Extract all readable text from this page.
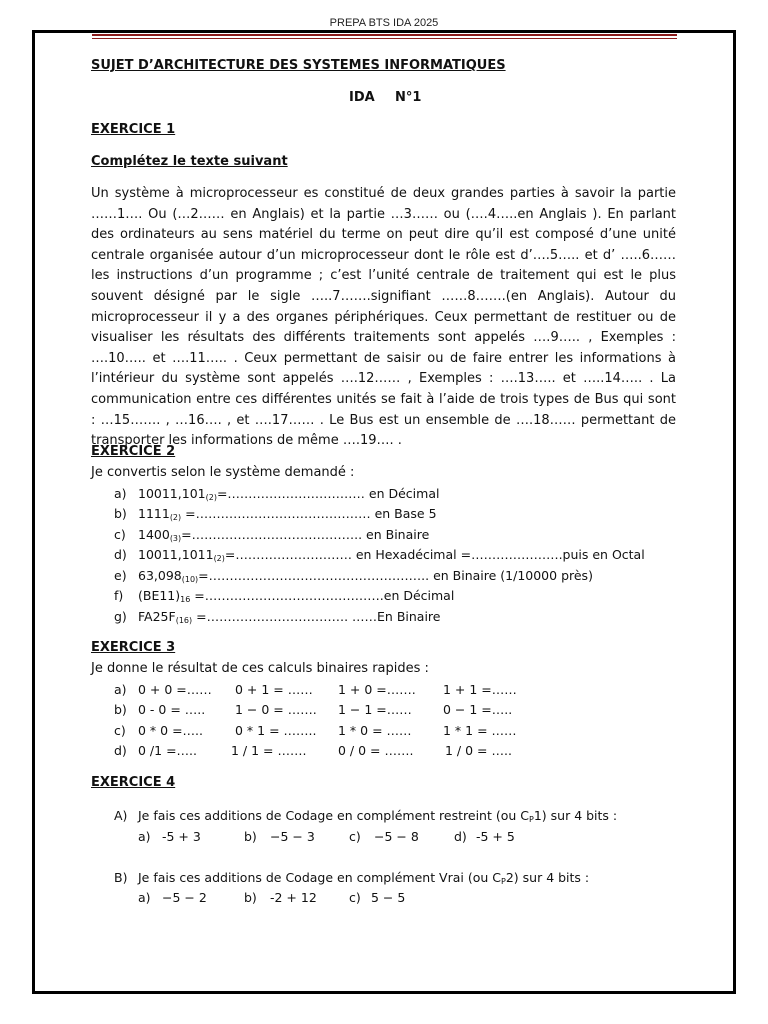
PREPA BTS IDA 2025
SUJET D’ARCHITECTURE DES SYSTEMES INFORMATIQUES
IDA N°1
EXERCICE 1
Complétez le texte suivant
Un système à microprocesseur es constitué de deux grandes parties à savoir la partie ……1…. Ou (…2…… en Anglais) et la partie …3…… ou (….4…..en Anglais ). En parlant des ordinateurs au sens matériel du terme on peut dire qu’il est composé d’une unité centrale organisée autour d’un microprocesseur dont le rôle est d’….5….. et d’ …..6…… les instructions d’un programme ; c’est l’unité centrale de traitement qui est le plus souvent désigné par le sigle …..7…….signifiant ……8…….(en Anglais). Autour du microprocesseur il y a des organes périphériques. Ceux permettant de restituer ou de visualiser les résultats des différents traitements sont appelés ….9….. , Exemples : ….10….. et ….11….. . Ceux permettant de saisir ou de faire entrer les informations à l’intérieur du système sont appelés ….12…… , Exemples : ….13….. et …..14….. . La communication entre ces différentes unités se fait à l’aide de trois types de Bus qui sont : …15……. , …16…. , et ….17…… . Le Bus est un ensemble de ….18…… permettant de transporter les informations de même ….19…. .
EXERCICE 2
Je convertis selon le système demandé :
a) $10011,101_{(2)}=\dots\dots\dots\dots\dots\dots\dots\dots\dots\dots\dots$ en Décimal
b) $1111_{(2)}$ =…………………………………… en Base 5
c) $1400_{(3)}=\dots\dots\dots\dots\dots\dots\dots\dots\dots\dots\dots\dots\dots$.. en Binaire
d) $10011,1011_{(2)}=\dots\dots\dots\dots\dots\dots\dots\dots\dots$. en Hexadécimal =………………….puis en Octal
e) $63,098_{(10)}=\dots\dots\dots\dots\dots\dots\dots\dots\dots\dots\dots\dots\dots\dots\dots\dots\dots$.. en Binaire (1/10000 près)
f) $(BE11)_{16}$ =…………………………………….en Décimal
g) $FA25F_{(16)}$ =……………………………. ……En Binaire
EXERCICE 3
Je donne le résultat de ces calculs binaires rapides :
a) 0 + 0 =…… 0 + 1 = …… 1 + 0 =……. 1 + 1 =……
b) 0 - 0 = ….. 1 − 0 = ……. 1 − 1 =…… 0 − 1 =…..
c) 0 * 0 =…..	0 * 1 = …….. 1 * 0 = ……	1 * 1 = ……
d) 0 /1 =…..	1 / 1 = …….	0 / 0 = …….	1 / 0 = …..
EXERCICE 4
A) Je fais ces additions de Codage en complément restreint (ou $C_P1$) sur 4 bits :
a) -5 + 3	b) −5 − 3	c) −5 − 8	d) -5 + 5
B) Je fais ces additions de Codage en complément Vrai (ou $C_P2$) sur 4 bits :
a) −5 − 2	b) -2 + 12	c) 5 − 5
